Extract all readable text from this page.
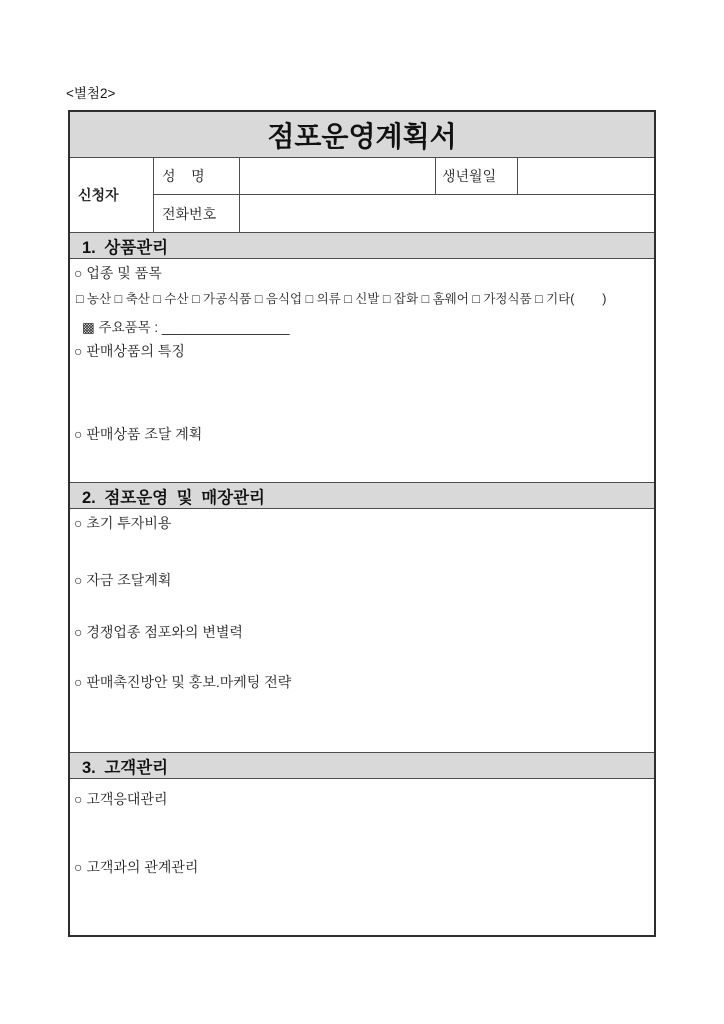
<별첨2>
점포운영계획서
신청자
성    명	생년월일
전화번호
1. 상품관리
○ 업종 및 품목
□ 농산 □ 축산 □ 수산 □ 가공식품 □ 음식업 □ 의류 □ 신발 □ 잡화 □ 홈웨어 □ 가정식품 □ 기타(        )
▩ 주요품목 : _________________
○ 판매상품의 특징
○ 판매상품 조달 계획
2. 점포운영 및 매장관리
○ 초기 투자비용
○ 자금 조달계획
○ 경쟁업종 점포와의 변별력
○ 판매촉진방안 및 홍보.마케팅 전략
3. 고객관리
○ 고객응대관리
○ 고객과의 관계관리
